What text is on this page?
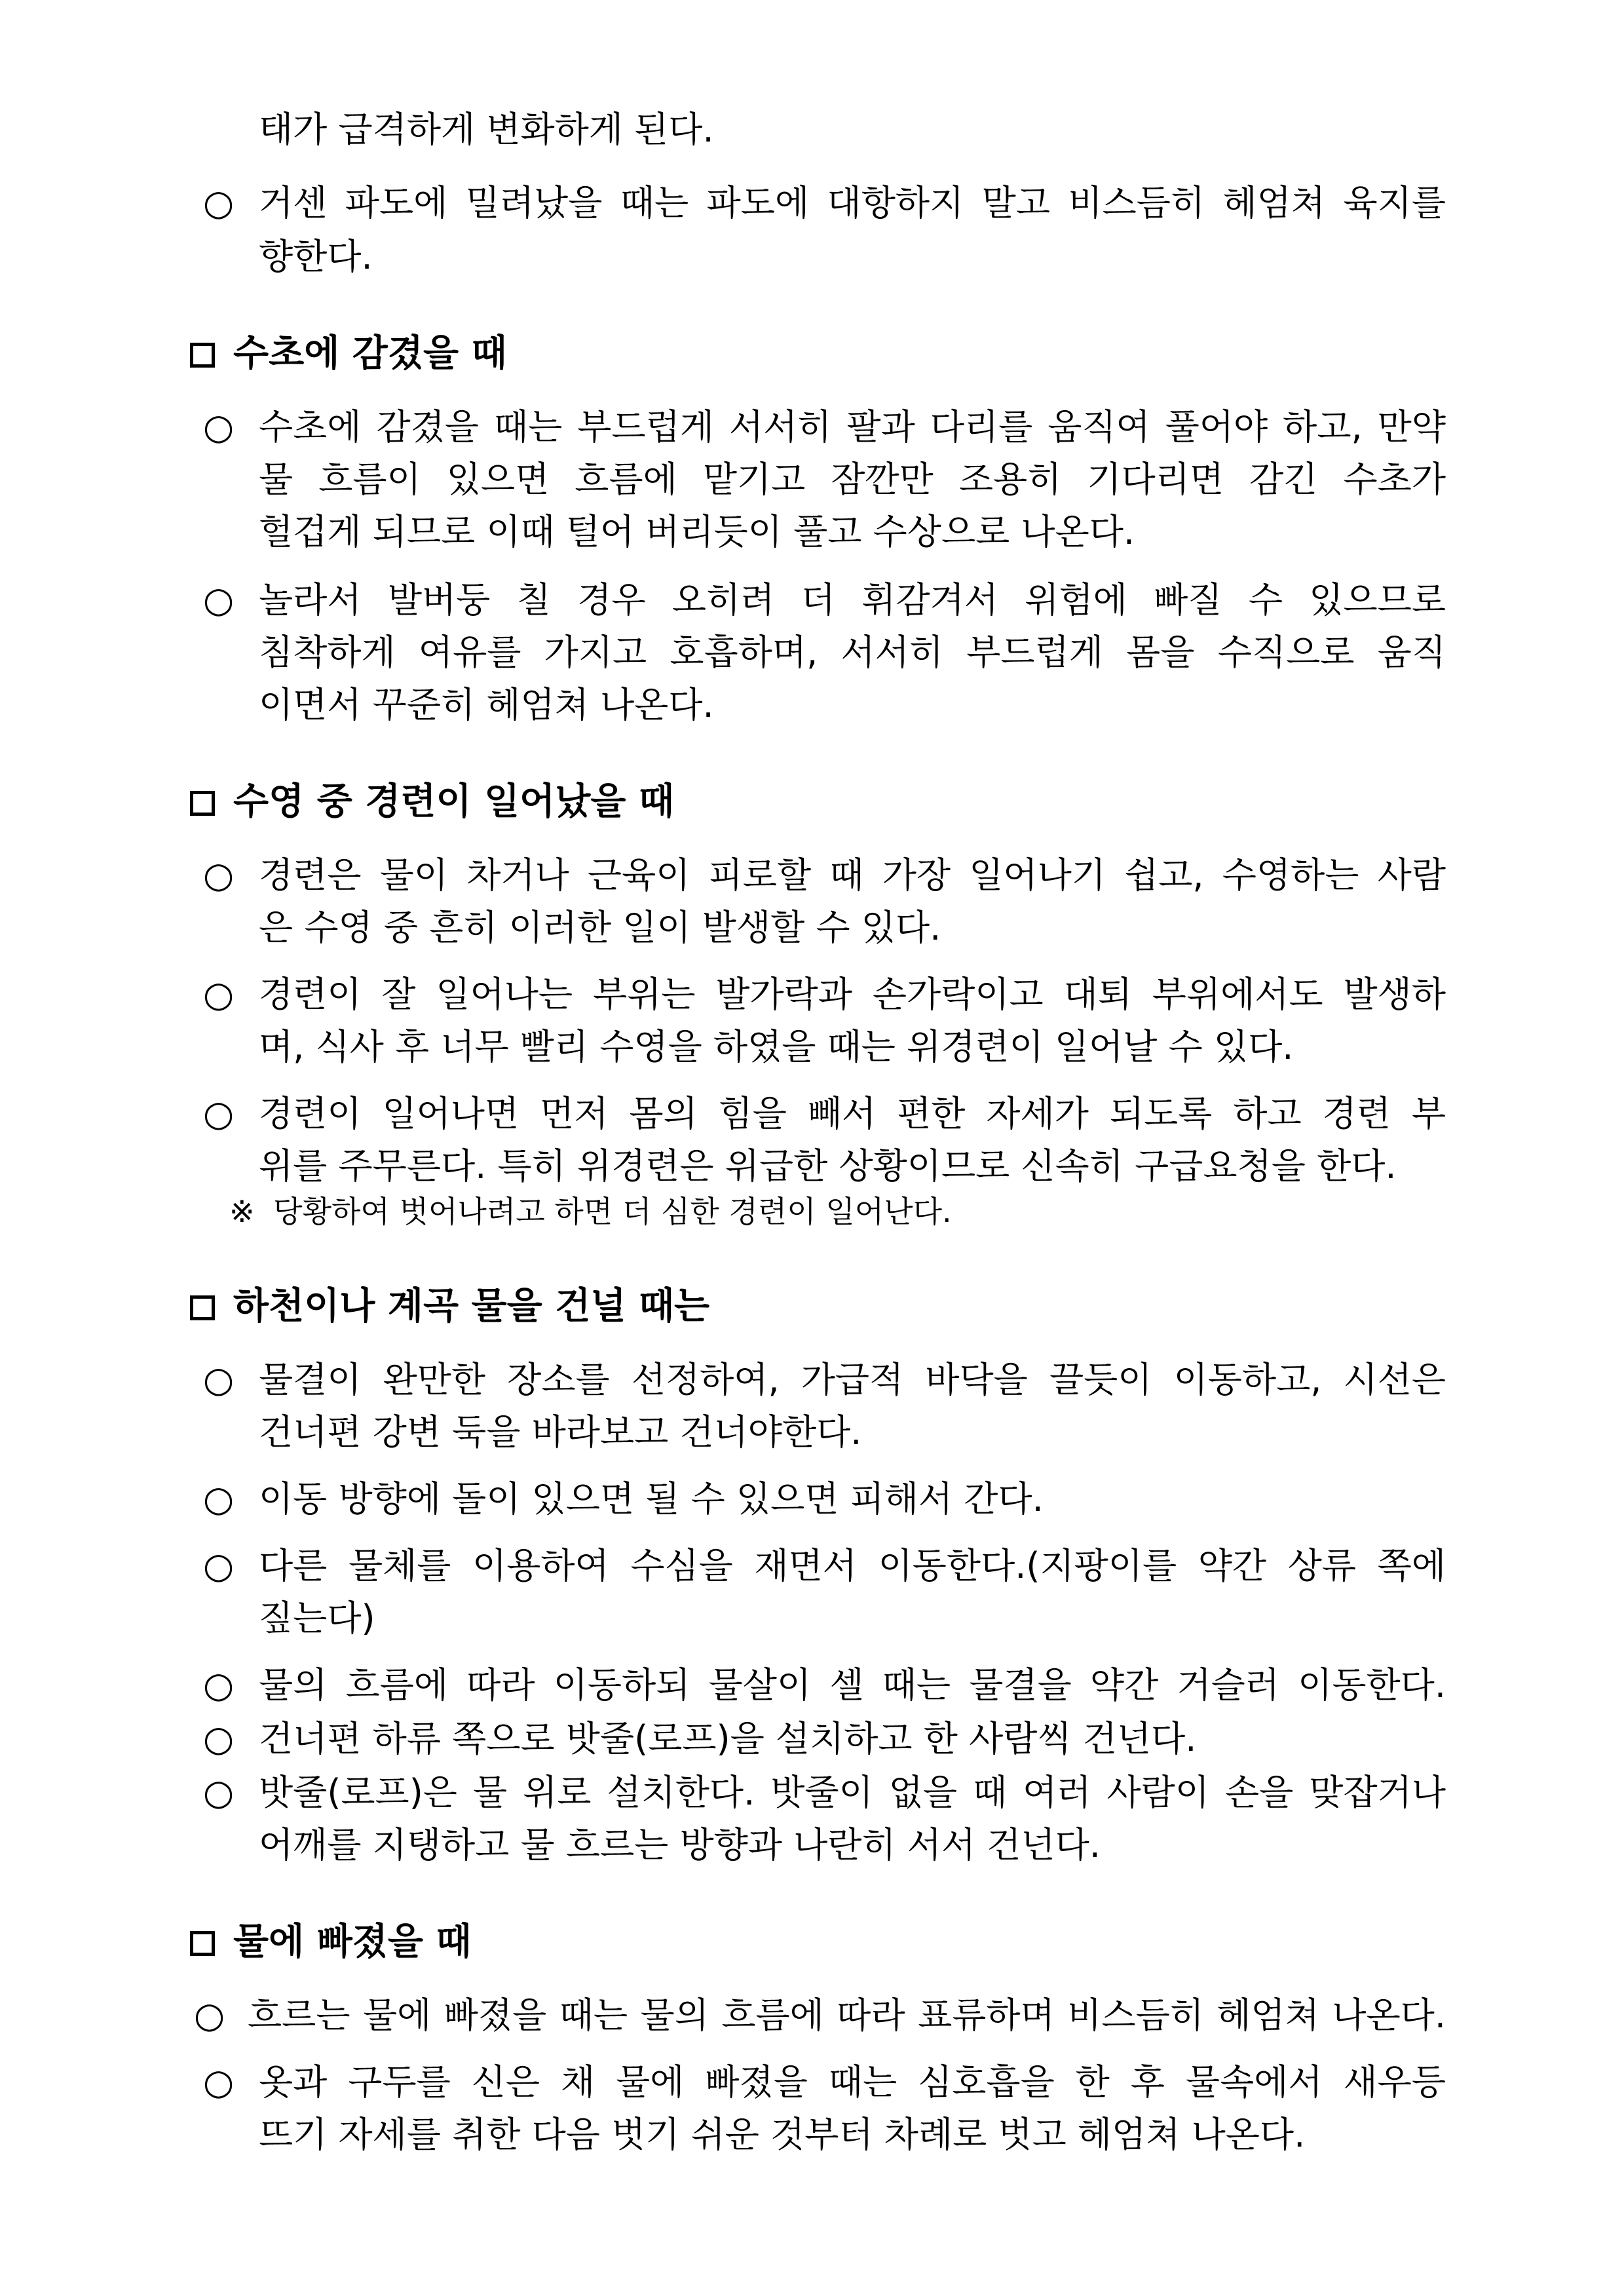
태가 급격하게 변화하게 된다.
○ 거센 파도에 밀려났을 때는 파도에 대항하지 말고 비스듬히 헤엄쳐 육지를
향한다.
수초에 감겼을 때
○ 수초에 감겼을 때는 부드럽게 서서히 팔과 다리를 움직여 풀어야 하고, 만약
물 흐름이 있으면 흐름에 맡기고 잠깐만 조용히 기다리면 감긴 수초가
헐겁게 되므로 이때 털어 버리듯이 풀고 수상으로 나온다.
○ 놀라서 발버둥 칠 경우 오히려 더 휘감겨서 위험에 빠질 수 있으므로
침착하게 여유를 가지고 호흡하며, 서서히 부드럽게 몸을 수직으로 움직
이면서 꾸준히 헤엄쳐 나온다.
수영 중 경련이 일어났을 때
○ 경련은 물이 차거나 근육이 피로할 때 가장 일어나기 쉽고, 수영하는 사람
은 수영 중 흔히 이러한 일이 발생할 수 있다.
○ 경련이 잘 일어나는 부위는 발가락과 손가락이고 대퇴 부위에서도 발생하
며, 식사 후 너무 빨리 수영을 하였을 때는 위경련이 일어날 수 있다.
○ 경련이 일어나면 먼저 몸의 힘을 빼서 편한 자세가 되도록 하고 경련 부
위를 주무른다. 특히 위경련은 위급한 상황이므로 신속히 구급요청을 한다.
※ 당황하여 벗어나려고 하면 더 심한 경련이 일어난다.
하천이나 계곡 물을 건널 때는
○ 물결이 완만한 장소를 선정하여, 가급적 바닥을 끌듯이 이동하고, 시선은
건너편 강변 둑을 바라보고 건너야한다.
○ 이동 방향에 돌이 있으면 될 수 있으면 피해서 간다.
○ 다른 물체를 이용하여 수심을 재면서 이동한다.(지팡이를 약간 상류 쪽에
짚는다)
○ 물의 흐름에 따라 이동하되 물살이 셀 때는 물결을 약간 거슬러 이동한다.
○ 건너편 하류 쪽으로 밧줄(로프)을 설치하고 한 사람씩 건넌다.
○ 밧줄(로프)은 물 위로 설치한다. 밧줄이 없을 때 여러 사람이 손을 맞잡거나
어깨를 지탱하고 물 흐르는 방향과 나란히 서서 건넌다.
물에 빠졌을 때
○ 흐르는 물에 빠졌을 때는 물의 흐름에 따라 표류하며 비스듬히 헤엄쳐 나온다.
○ 옷과 구두를 신은 채 물에 빠졌을 때는 심호흡을 한 후 물속에서 새우등
뜨기 자세를 취한 다음 벗기 쉬운 것부터 차례로 벗고 헤엄쳐 나온다.
